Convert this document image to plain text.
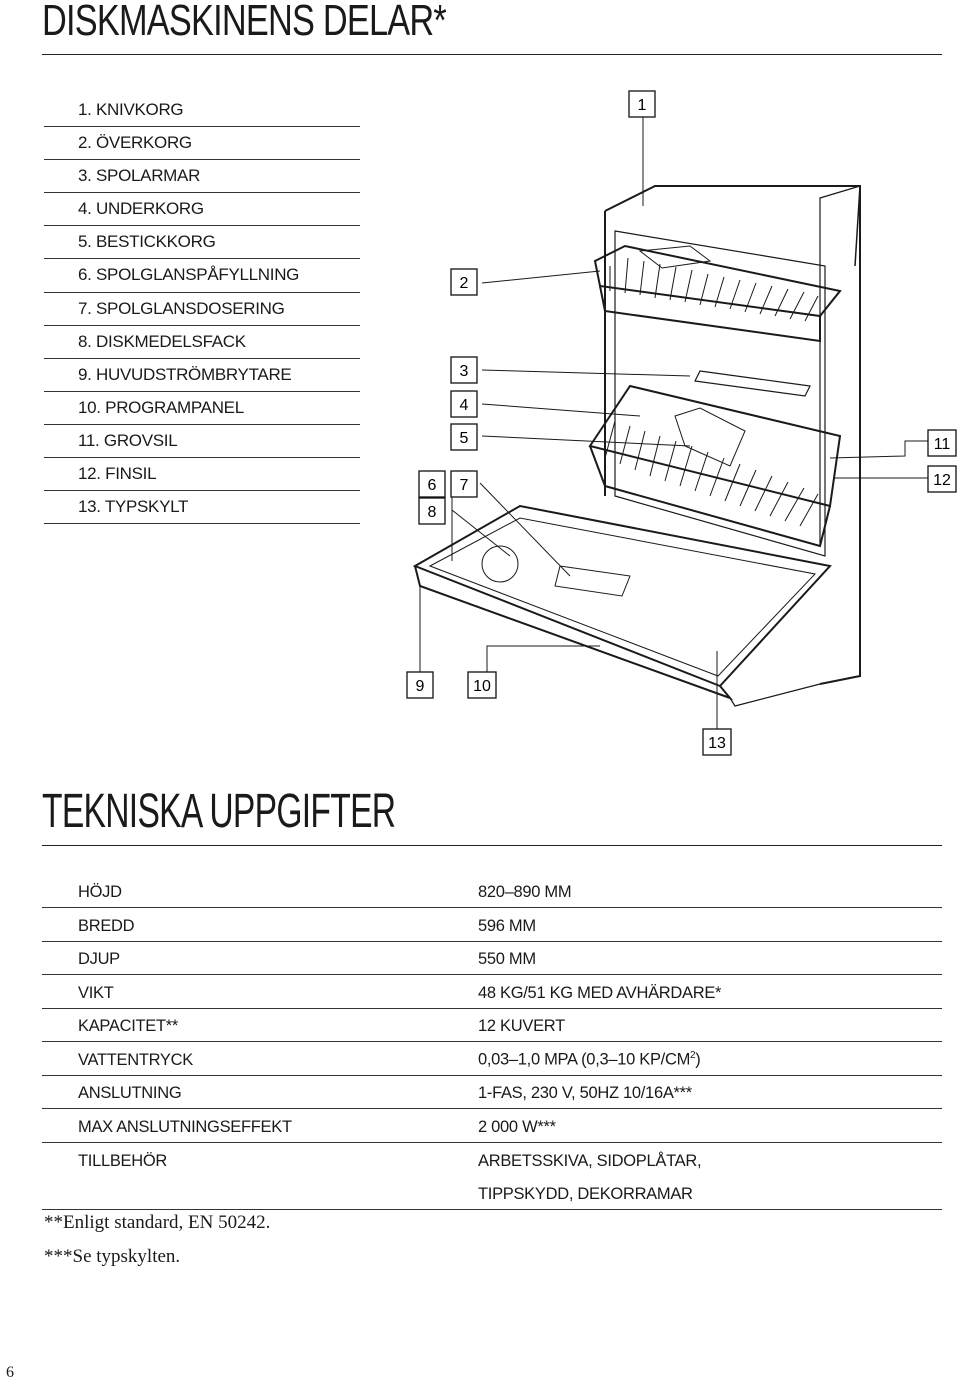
DISKMASKINENS DELAR*
1. KNIVKORG
2. ÖVERKORG
3. SPOLARMAR
4. UNDERKORG
5. BESTICKKORG
6. SPOLGLANSPÅFYLLNING
7. SPOLGLANSDOSERING
8. DISKMEDELSFACK
9. HUVUDSTRÖMBRYTARE
10. PROGRAMPANEL
11. GROVSIL
12. FINSIL
13. TYPSKYLT
1
2
3
4
5
6 7
8
9	10
11
12
13
TEKNISKA UPPGIFTER
HÖJD	820–890 MM
BREDD	596 MM
DJUP	550 MM
VIKT	48 KG/51 KG MED AVHÄRDARE*
KAPACITET**	12 KUVERT
VATTENTRYCK	0,03–1,0 MPA (0,3–10 $KP/CM^2$)
ANSLUTNING	1-FAS, 230 V, 50HZ 10/16A***
MAX ANSLUTNINGSEFFEKT	2 000 W***
TILLBEHÖR	ARBETSSKIVA, SIDOPLÅTAR,
	TIPPSKYDD, DEKORRAMAR
**Enligt standard, EN 50242.
***Se typskylten.
6
